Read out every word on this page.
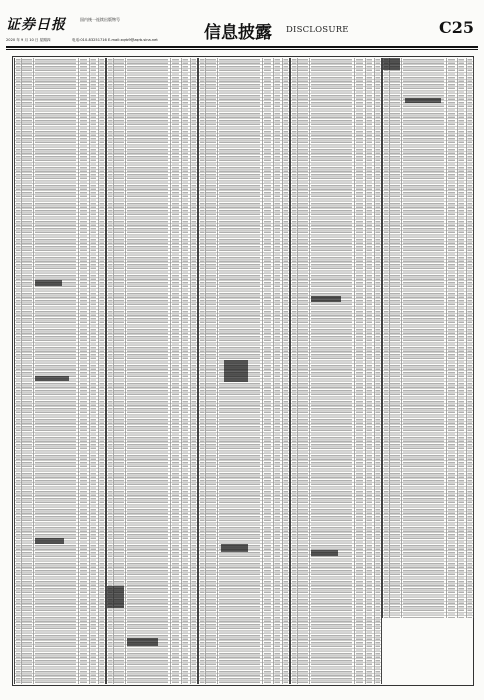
证券日报	国内统一连续出版物号
2020 年 9 月 10 日 星期四	电话:010-83251716 E-mail:zqrb9@zqrb.sina.net	信息披露 DISCLOSURE	C25
